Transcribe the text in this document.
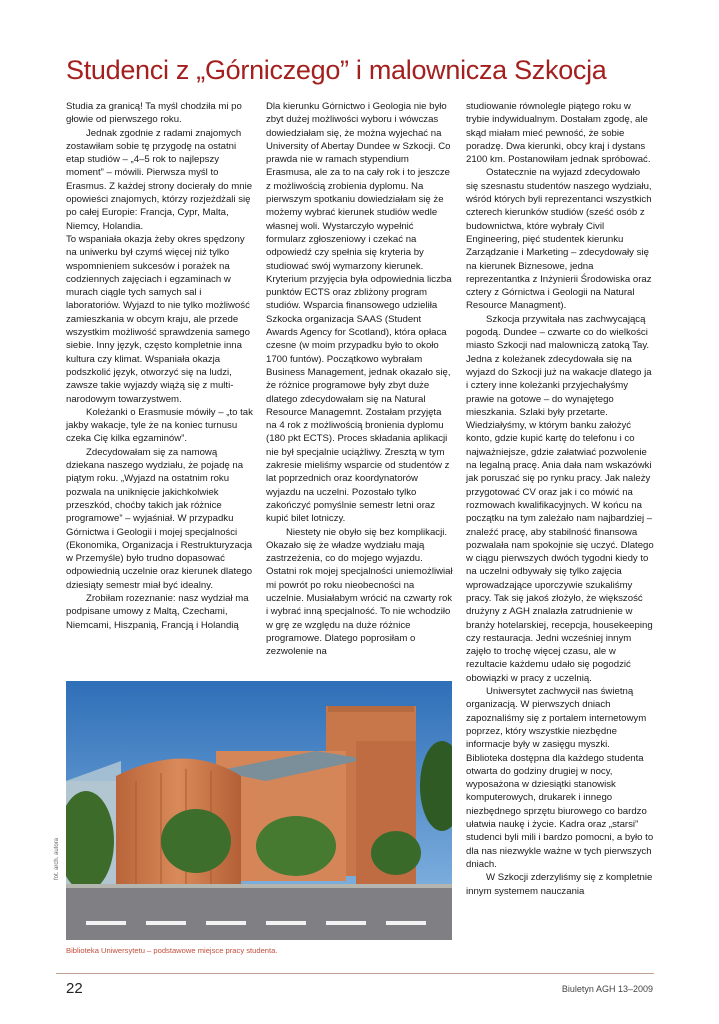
Studenci z „Górniczego” i malownicza Szkocja

Studia za granicą! Ta myśl chodziła mi po głowie od pierwszego roku.

Jednak zgodnie z radami znajomych zostawiłam sobie tę przygodę na ostatni etap studiów – „4–5 rok to najlepszy moment” – mówili. Pierwsza myśl to Erasmus. Z każdej strony docierały do mnie opowieści znajomych, którzy rozjeżdżali się po całej Europie: Francja, Cypr, Malta, Niemcy, Holandia.

To wspaniała okazja żeby okres spędzony na uniwerku był czymś więcej niż tylko wspomnieniem sukcesów i porażek na codziennych zajęciach i egzaminach w murach ciągle tych samych sal i laboratoriów. Wyjazd to nie tylko możliwość zamieszkania w obcym kraju, ale przede wszystkim możliwość sprawdzenia samego siebie. Inny język, często kompletnie inna kultura czy klimat. Wspaniała okazja podszkolić język, otworzyć się na ludzi, zawsze takie wyjazdy wiążą się z multi-narodowym towarzystwem.

Koleżanki o Erasmusie mówiły – „to tak jakby wakacje, tyle że na koniec turnusu czeka Cię kilka egzaminów”.

Zdecydowałam się za namową dziekana naszego wydziału, że pojadę na piątym roku. „Wyjazd na ostatnim roku pozwala na uniknięcie jakichkolwiek przeszkód, choćby takich jak różnice programowe” – wyjaśniał. W przypadku Górnictwa i Geologii i mojej specjalności (Ekonomika, Organizacja i Restrukturyzacja w Przemyśle) było trudno dopasować odpowiednią uczelnie oraz kierunek dlatego dziesiąty semestr miał być idealny.

Zrobiłam rozeznanie: nasz wydział ma podpisane umowy z Maltą, Czechami, Niemcami, Hiszpanią, Francją i Holandią

Dla kierunku Górnictwo i Geologia nie było zbyt dużej możliwości wyboru i wówczas dowiedziałam się, że można wyjechać na University of Abertay Dundee w Szkocji. Co prawda nie w ramach stypendium Erasmusa, ale za to na cały rok i to jeszcze z możliwością zrobienia dyplomu. Na pierwszym spotkaniu dowiedziałam się że możemy wybrać kierunek studiów wedle własnej woli. Wystarczyło wypełnić formularz zgłoszeniowy i czekać na odpowiedź czy spełnia się kryteria by studiować swój wymarzony kierunek. Kryterium przyjęcia była odpowiednia liczba punktów ECTS oraz zbliżony program studiów. Wsparcia finansowego udzieliła Szkocka organizacja SAAS (Student Awards Agency for Scotland), która opłaca czesne (w moim przypadku było to około 1700 funtów). Początkowo wybrałam Business Management, jednak okazało się, że różnice programowe były zbyt duże dlatego zdecydowałam się na Natural Resource Managemnt. Zostałam przyjęta na 4 rok z możliwością bronienia dyplomu (180 pkt ECTS). Proces składania aplikacji nie był specjalnie uciążliwy. Zresztą w tym zakresie mieliśmy wsparcie od studentów z lat poprzednich oraz koordynatorów wyjazdu na uczelni. Pozostało tylko zakończyć pomyślnie semestr letni oraz kupić bilet lotniczy.

Niestety nie obyło się bez komplikacji. Okazało się że władze wydziału mają zastrzeżenia, co do mojego wyjazdu. Ostatni rok mojej specjalności uniemożliwiał mi powrót po roku nieobecności na uczelnie. Musiałabym wrócić na czwarty rok i wybrać inną specjalność. To nie wchodziło w grę ze względu na duże różnice programowe. Dlatego poprosiłam o zezwolenie na

studiowanie równolegle piątego roku w trybie indywidualnym. Dostałam zgodę, ale skąd miałam mieć pewność, że sobie poradzę. Dwa kierunki, obcy kraj i dystans 2100 km. Postanowiłam jednak spróbować.

Ostatecznie na wyjazd zdecydowało się szesnastu studentów naszego wydziału, wśród których byli reprezentanci wszystkich czterech kierunków studiów (sześć osób z budownictwa, które wybrały Civil Engineering, pięć studentek kierunku Zarządzanie i Marketing – zdecydowały się na kierunek Biznesowe, jedna reprezentantka z Inżynierii Środowiska oraz cztery z Górnictwa i Geologii na Natural Resource Managment).

Szkocja przywitała nas zachwycającą pogodą. Dundee – czwarte co do wielkości miasto Szkocji nad malowniczą zatoką Tay. Jedna z koleżanek zdecydowała się na wyjazd do Szkocji już na wakacje dlatego ja i cztery inne koleżanki przyjechałyśmy prawie na gotowe – do wynajętego mieszkania. Szlaki były przetarte. Wiedziałyśmy, w którym banku założyć konto, gdzie kupić kartę do telefonu i co najważniejsze, gdzie załatwiać pozwolenie na legalną pracę. Ania dała nam wskazówki jak poruszać się po rynku pracy. Jak należy przygotować CV oraz jak i co mówić na rozmowach kwalifikacyjnych. W końcu na początku na tym zależało nam najbardziej – znaleźć pracę, aby stabilność finansowa pozwalała nam spokojnie się uczyć. Dlatego w ciągu pierwszych dwóch tygodni kiedy to na uczelni odbywały się tylko zajęcia wprowadzające uporczywie szukaliśmy pracy. Tak się jakoś złożyło, że większość drużyny z AGH znalazła zatrudnienie w branży hotelarskiej, recepcja, housekeeping czy restauracja. Jedni wcześniej innym zajęło to trochę więcej czasu, ale w rezultacie każdemu udało się pogodzić obowiązki w pracy z uczelnią.

Uniwersytet zachwycił nas świetną organizacją. W pierwszych dniach zapoznaliśmy się z portalem internetowym poprzez, który wszystkie niezbędne informacje były w zasięgu myszki. Biblioteka dostępna dla każdego studenta otwarta do godziny drugiej w nocy, wyposażona w dziesiątki stanowisk komputerowych, drukarek i innego niezbędnego sprzętu biurowego co bardzo ułatwia naukę i życie. Kadra oraz „starsi” studenci byli mili i bardzo pomocni, a było to dla nas niezwykle ważne w tych pierwszych dniach.

W Szkocji zderzyliśmy się z kompletnie innym systemem nauczania

fot. arch. autora
Biblioteka Uniwersytetu – podstawowe miejsce pracy studenta.
22	Biuletyn AGH 13–2009
